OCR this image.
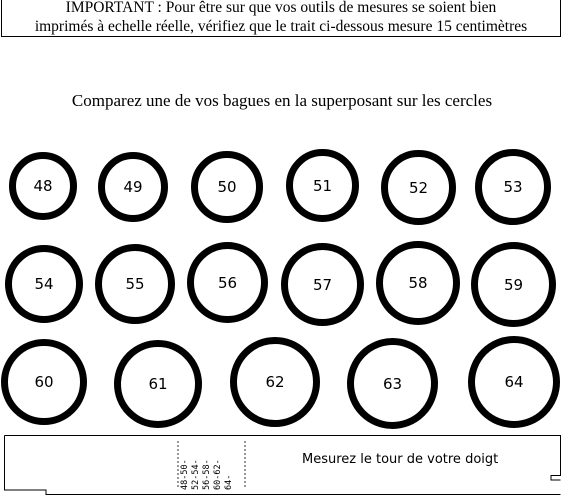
IMPORTANT : Pour être sur que vos outils de mesures se soient bien
imprimés à echelle réelle, vérifiez que le trait ci-dessous mesure 15 centimètres
Comparez une de vos bagues en la superposant sur les cercles
48	49	50	51	52	53
54	55	56	57	58	59
60	61	62	63	64
48-50- 52-54- 56-58- 60-62- 64-
Mesurez le tour de votre doigt
